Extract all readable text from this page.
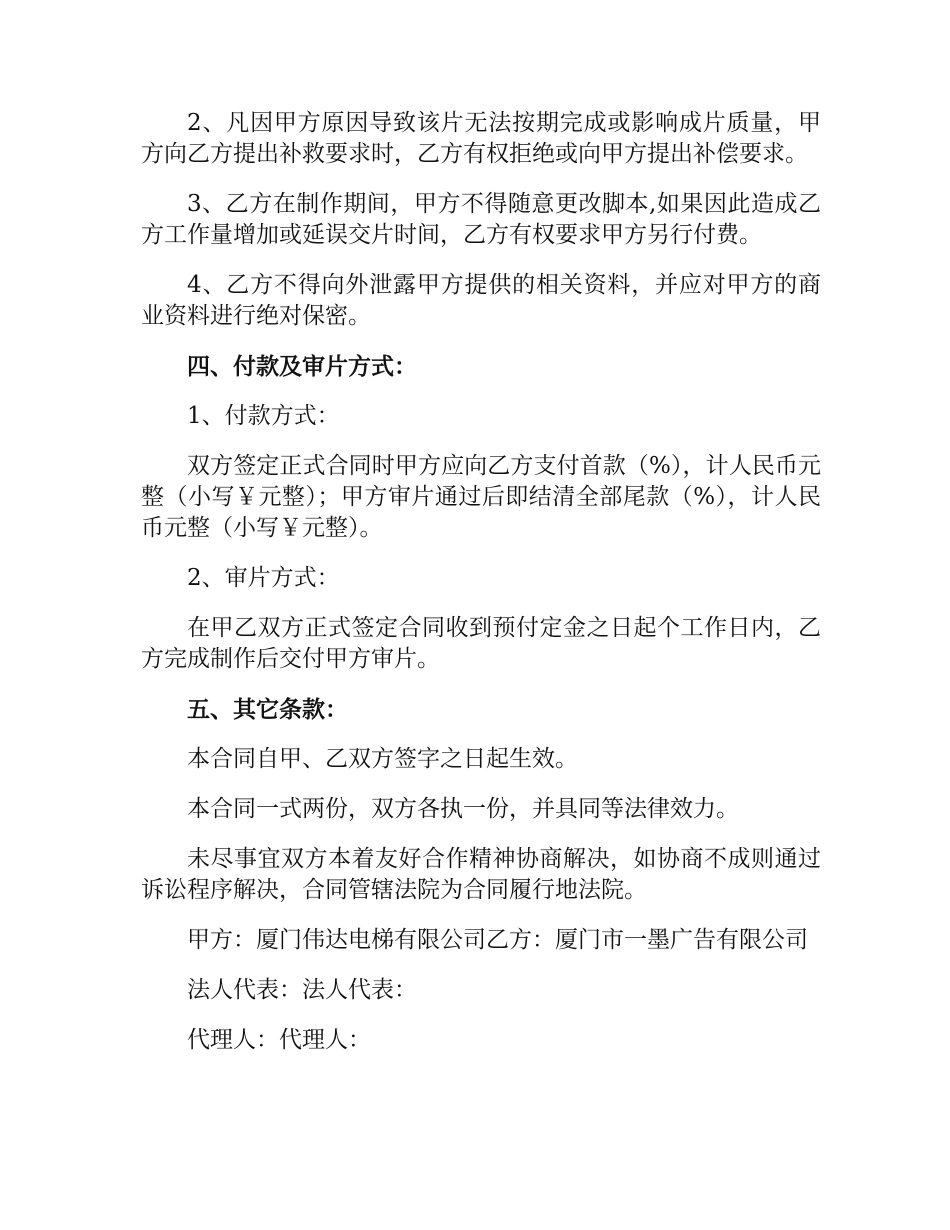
2、凡因甲方原因导致该片无法按期完成或影响成片质量，甲方向乙方提出补救要求时，乙方有权拒绝或向甲方提出补偿要求。

3、乙方在制作期间，甲方不得随意更改脚本,如果因此造成乙方工作量增加或延误交片时间，乙方有权要求甲方另行付费。

4、乙方不得向外泄露甲方提供的相关资料，并应对甲方的商业资料进行绝对保密。

四、付款及审片方式：

1、付款方式：

双方签定正式合同时甲方应向乙方支付首款（%），计人民币元整（小写￥元整）；甲方审片通过后即结清全部尾款（%），计人民币元整（小写￥元整）。

2、审片方式：

在甲乙双方正式签定合同收到预付定金之日起个工作日内，乙方完成制作后交付甲方审片。

五、其它条款：

本合同自甲、乙双方签字之日起生效。

本合同一式两份，双方各执一份，并具同等法律效力。

未尽事宜双方本着友好合作精神协商解决，如协商不成则通过诉讼程序解决，合同管辖法院为合同履行地法院。

甲方：厦门伟达电梯有限公司乙方：厦门市一墨广告有限公司

法人代表：法人代表：

代理人：代理人：
